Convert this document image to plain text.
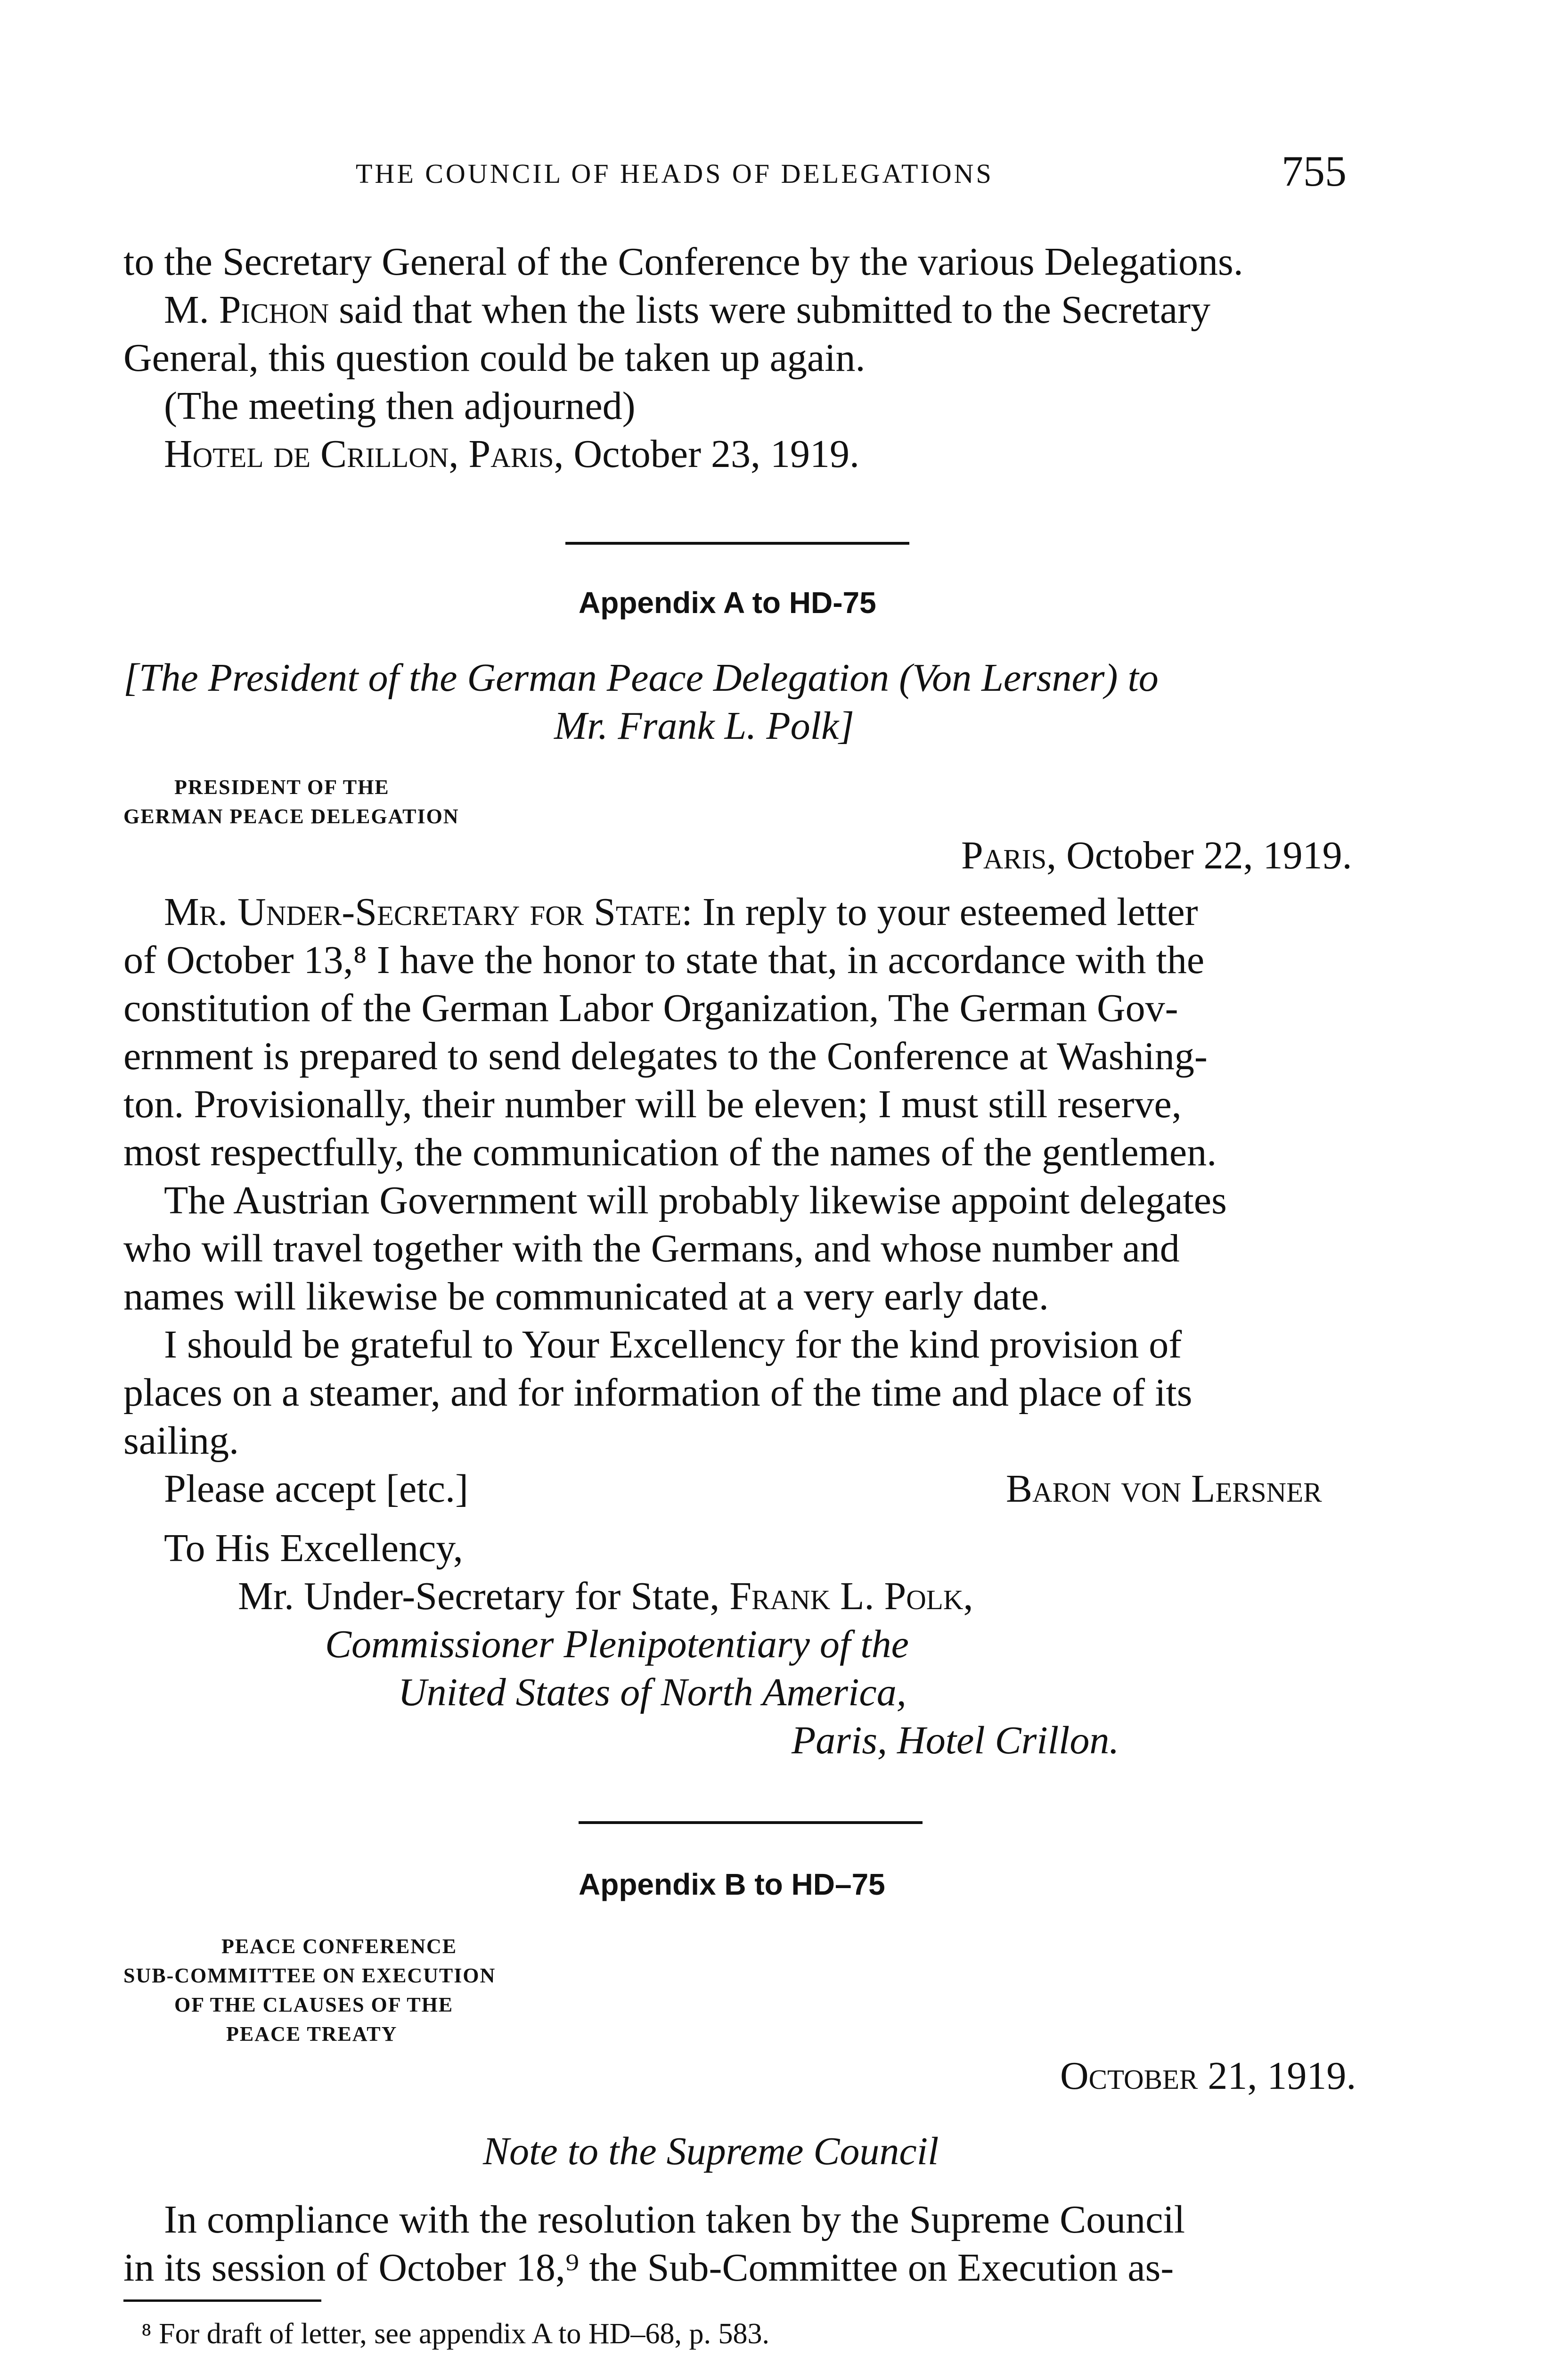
THE COUNCIL OF HEADS OF DELEGATIONS	755
to the Secretary General of the Conference by the various Delegations.
M. Pichon said that when the lists were submitted to the Secretary
General, this question could be taken up again.
(The meeting then adjourned)
Hotel de Crillon, Paris, October 23, 1919.
Appendix A to HD-75
[The President of the German Peace Delegation (Von Lersner) to
Mr. Frank L. Polk]
PRESIDENT OF THE
GERMAN PEACE DELEGATION
Paris, October 22, 1919.
Mr. Under-Secretary for State: In reply to your esteemed letter
of October 13,⁸ I have the honor to state that, in accordance with the
constitution of the German Labor Organization, The German Gov-
ernment is prepared to send delegates to the Conference at Washing-
ton. Provisionally, their number will be eleven; I must still reserve,
most respectfully, the communication of the names of the gentlemen.
The Austrian Government will probably likewise appoint delegates
who will travel together with the Germans, and whose number and
names will likewise be communicated at a very early date.
I should be grateful to Your Excellency for the kind provision of
places on a steamer, and for information of the time and place of its
sailing.
Please accept [etc.]	Baron von Lersner
To His Excellency,
Mr. Under-Secretary for State, Frank L. Polk,
Commissioner Plenipotentiary of the
United States of North America,
Paris, Hotel Crillon.
Appendix B to HD–75
PEACE CONFERENCE
SUB-COMMITTEE ON EXECUTION
OF THE CLAUSES OF THE
PEACE TREATY
October 21, 1919.
Note to the Supreme Council
In compliance with the resolution taken by the Supreme Council
in its session of October 18,⁹ the Sub-Committee on Execution as-
⁸ For draft of letter, see appendix A to HD–68, p. 583.
